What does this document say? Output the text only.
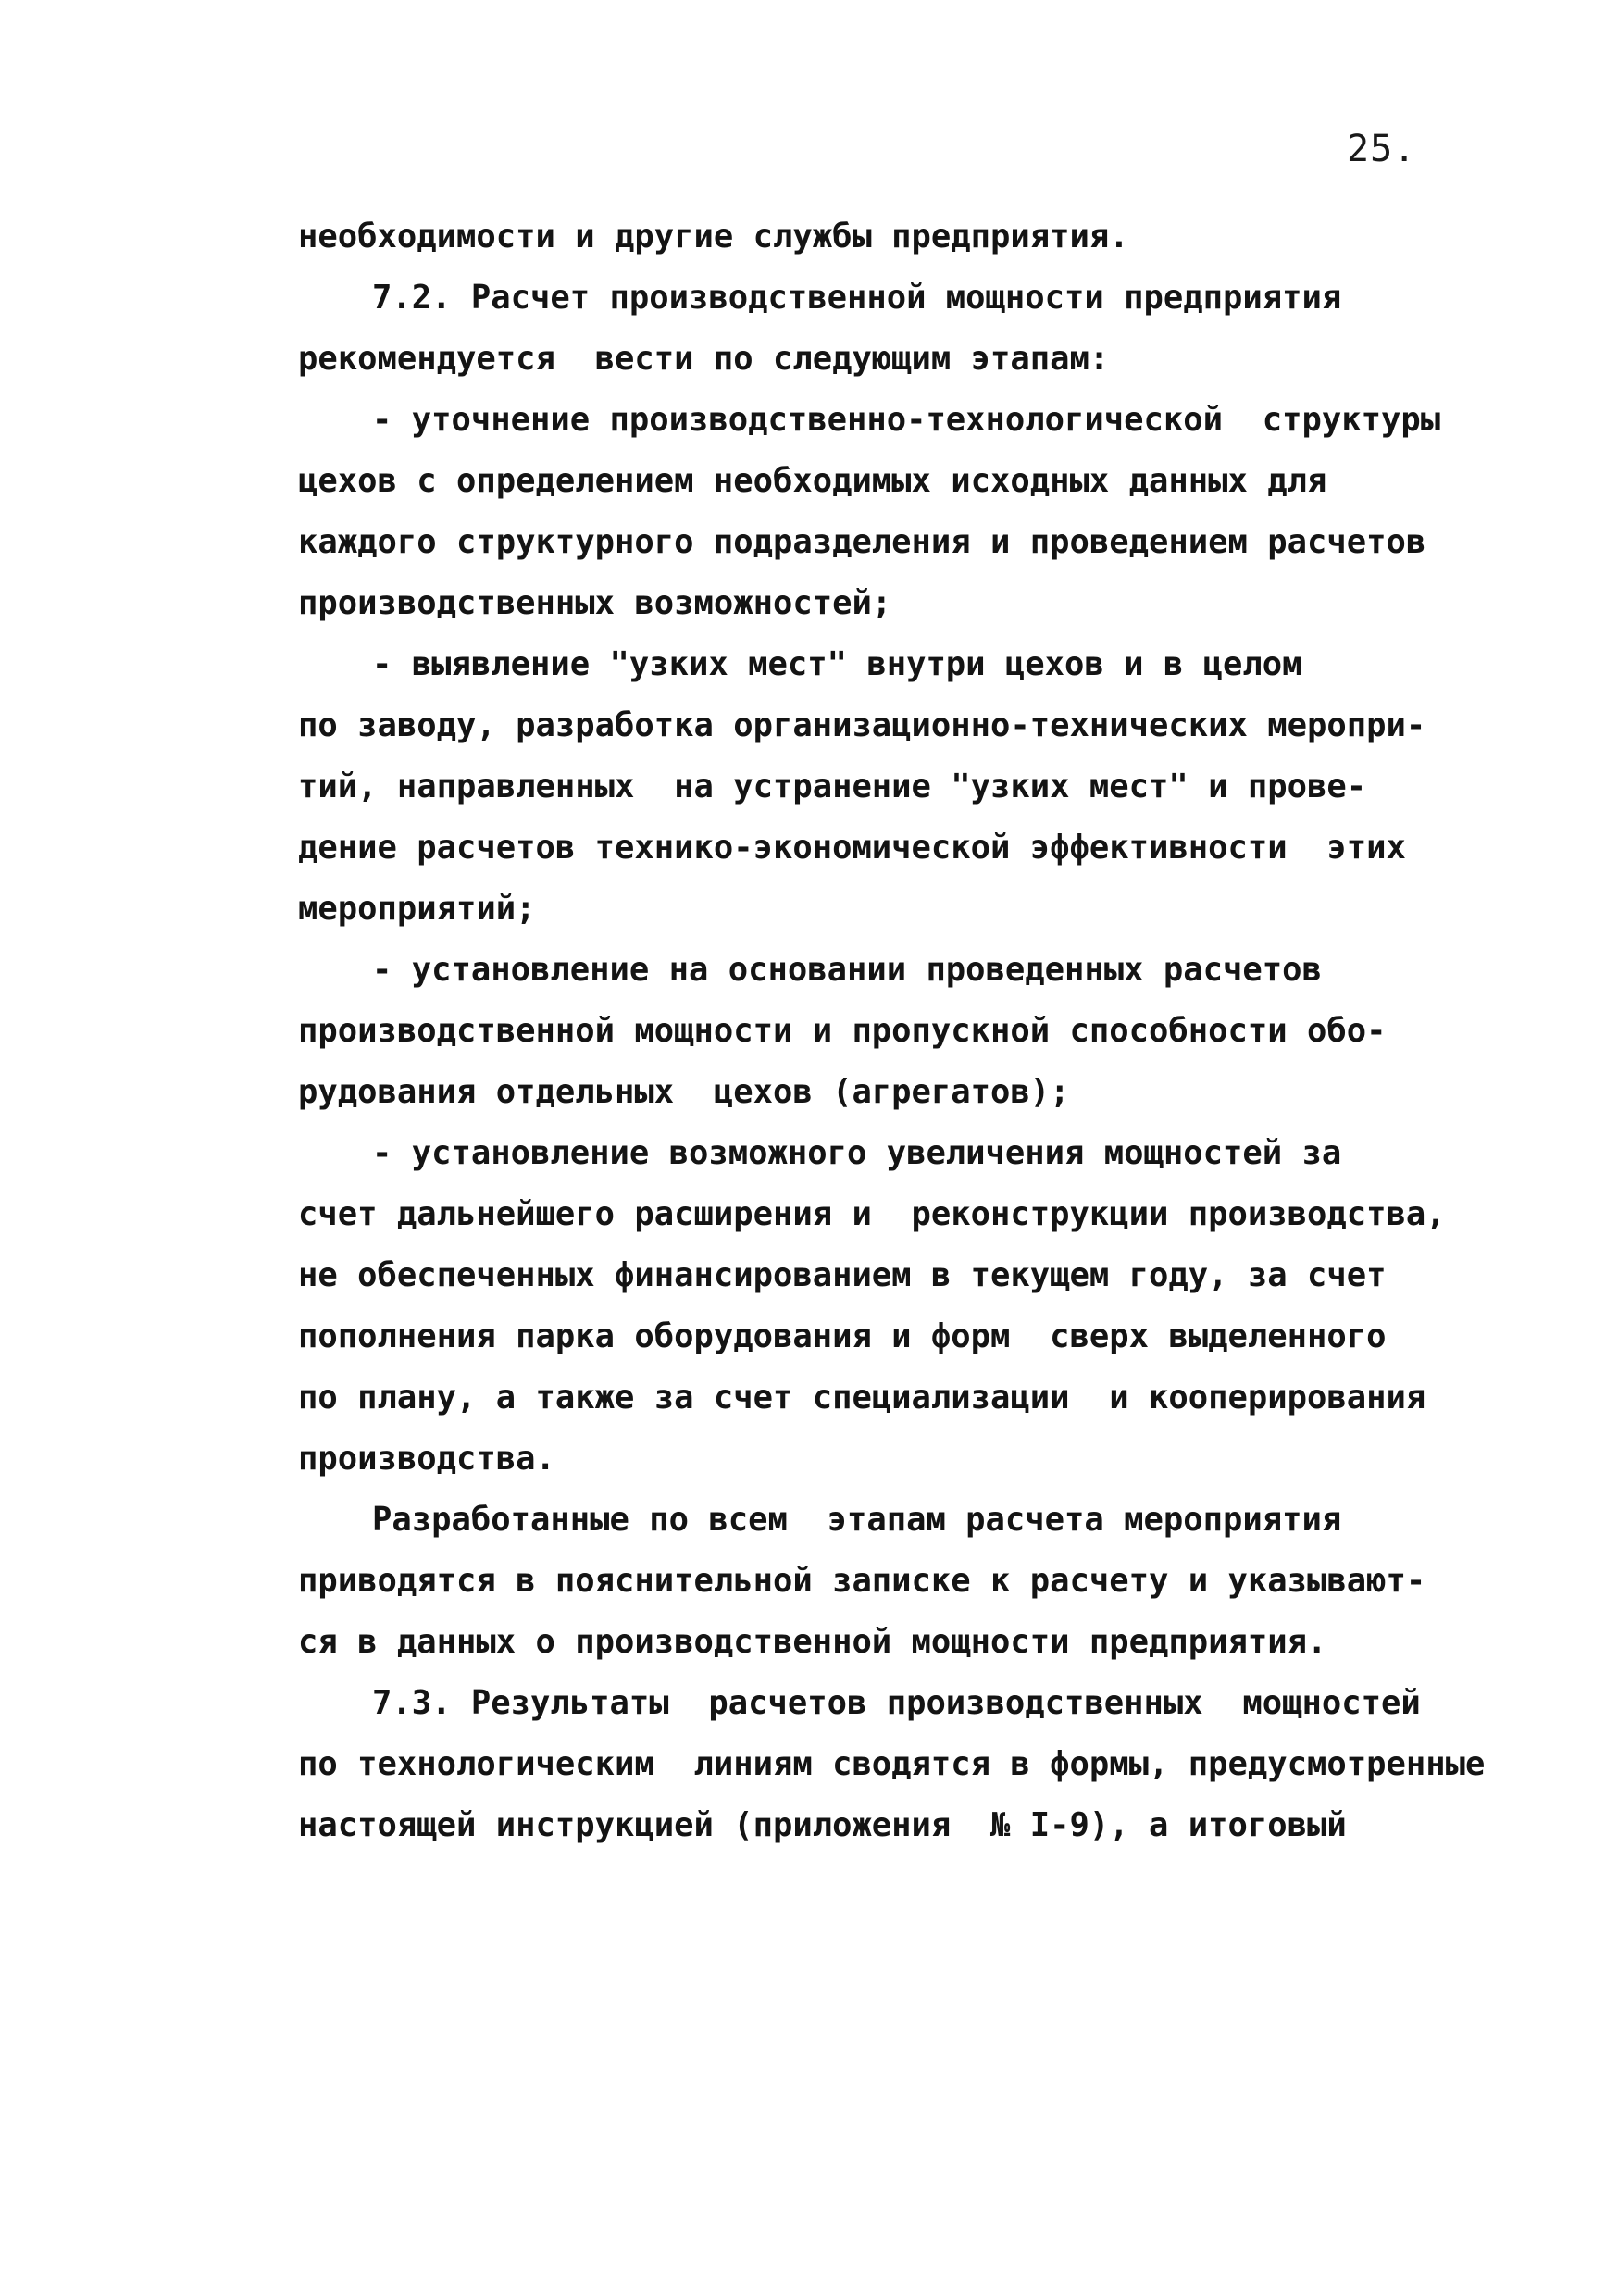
25.
необходимости и другие службы предприятия.
7.2. Расчет производственной мощности предприятия
рекомендуется  вести по следующим этапам:
- уточнение производственно-технологической  структуры
цехов с определением необходимых исходных данных для
каждого структурного подразделения и проведением расчетов
производственных возможностей;
- выявление "узких мест" внутри цехов и в целом
по заводу, разработка организационно-технических меропри-
тий, направленных  на устранение "узких мест" и прове-
дение расчетов технико-экономической эффективности  этих
мероприятий;
- установление на основании проведенных расчетов
производственной мощности и пропускной способности обо-
рудования отдельных  цехов (агрегатов);
- установление возможного увеличения мощностей за
счет дальнейшего расширения и  реконструкции производства,
не обеспеченных финансированием в текущем году, за счет
пополнения парка оборудования и форм  сверх выделенного
по плану, а также за счет специализации  и кооперирования
производства.
Разработанные по всем  этапам расчета мероприятия
приводятся в пояснительной записке к расчету и указывают-
ся в данных о производственной мощности предприятия.
7.3. Результаты  расчетов производственных  мощностей
по технологическим  линиям сводятся в формы, предусмотренные
настоящей инструкцией (приложения  № I-9), а итоговый
